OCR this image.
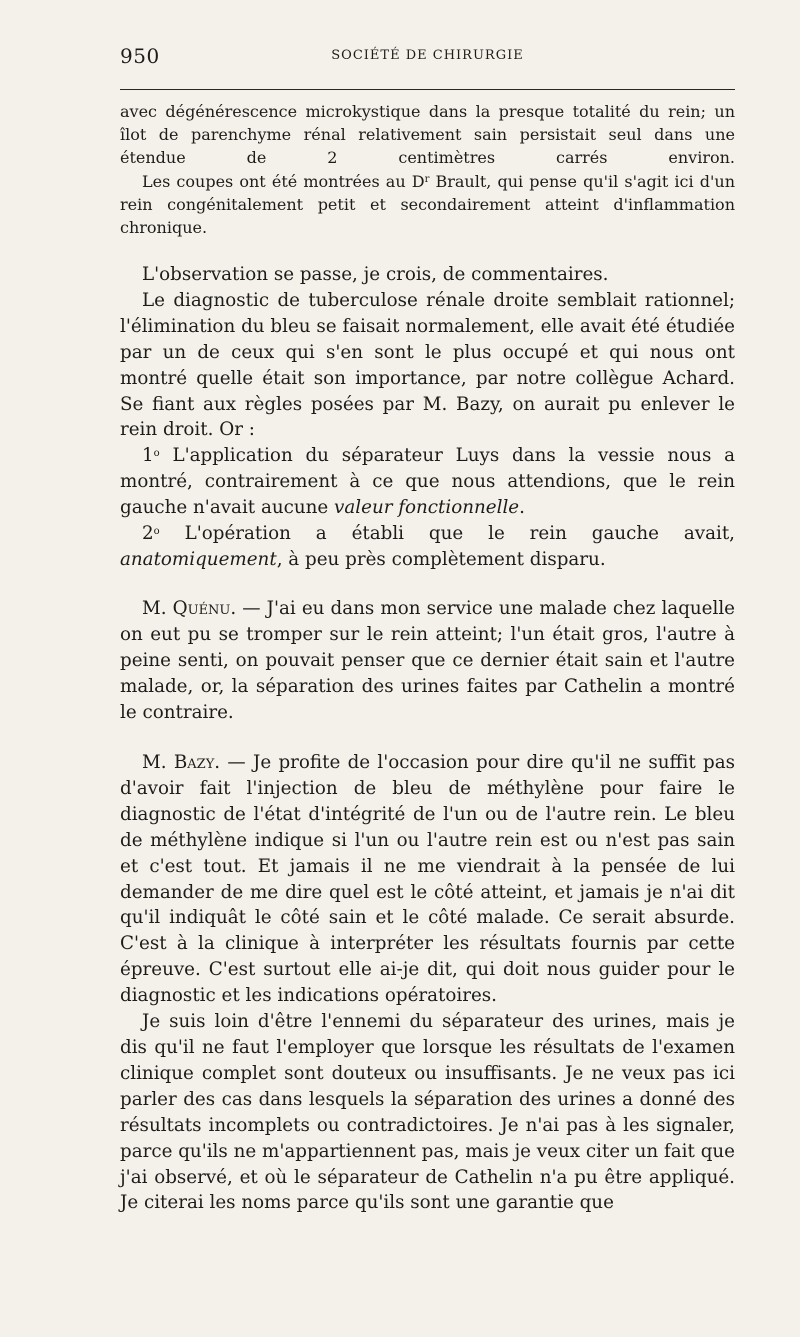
950	SOCIÉTÉ DE CHIRURGIE

avec dégénérescence microkystique dans la presque totalité du rein; un îlot de parenchyme rénal relativement sain persistait seul dans une étendue de 2 centimètres carrés environ.

Les coupes ont été montrées au $D^r$ Brault, qui pense qu'il s'agit ici d'un rein congénitalement petit et secondairement atteint d'inflammation chronique.

L'observation se passe, je crois, de commentaires.

Le diagnostic de tuberculose rénale droite semblait rationnel; l'élimination du bleu se faisait normalement, elle avait été étudiée par un de ceux qui s'en sont le plus occupé et qui nous ont montré quelle était son importance, par notre collègue Achard. Se fiant aux règles posées par M. Bazy, on aurait pu enlever le rein droit. Or :

1$^o$ L'application du séparateur Luys dans la vessie nous a montré, contrairement à ce que nous attendions, que le rein gauche n'avait aucune valeur fonctionnelle.

2$^o$ L'opération a établi que le rein gauche avait, anatomiquement, à peu près complètement disparu.

M. Quénu. — J'ai eu dans mon service une malade chez laquelle on eut pu se tromper sur le rein atteint; l'un était gros, l'autre à peine senti, on pouvait penser que ce dernier était sain et l'autre malade, or, la séparation des urines faites par Cathelin a montré le contraire.

M. Bazy. — Je profite de l'occasion pour dire qu'il ne suffit pas d'avoir fait l'injection de bleu de méthylène pour faire le diagnostic de l'état d'intégrité de l'un ou de l'autre rein. Le bleu de méthylène indique si l'un ou l'autre rein est ou n'est pas sain et c'est tout. Et jamais il ne me viendrait à la pensée de lui demander de me dire quel est le côté atteint, et jamais je n'ai dit qu'il indiquât le côté sain et le côté malade. Ce serait absurde. C'est à la clinique à interpréter les résultats fournis par cette épreuve. C'est surtout elle ai-je dit, qui doit nous guider pour le diagnostic et les indications opératoires.

Je suis loin d'être l'ennemi du séparateur des urines, mais je dis qu'il ne faut l'employer que lorsque les résultats de l'examen clinique complet sont douteux ou insuffisants. Je ne veux pas ici parler des cas dans lesquels la séparation des urines a donné des résultats incomplets ou contradictoires. Je n'ai pas à les signaler, parce qu'ils ne m'appartiennent pas, mais je veux citer un fait que j'ai observé, et où le séparateur de Cathelin n'a pu être appliqué. Je citerai les noms parce qu'ils sont une garantie que
